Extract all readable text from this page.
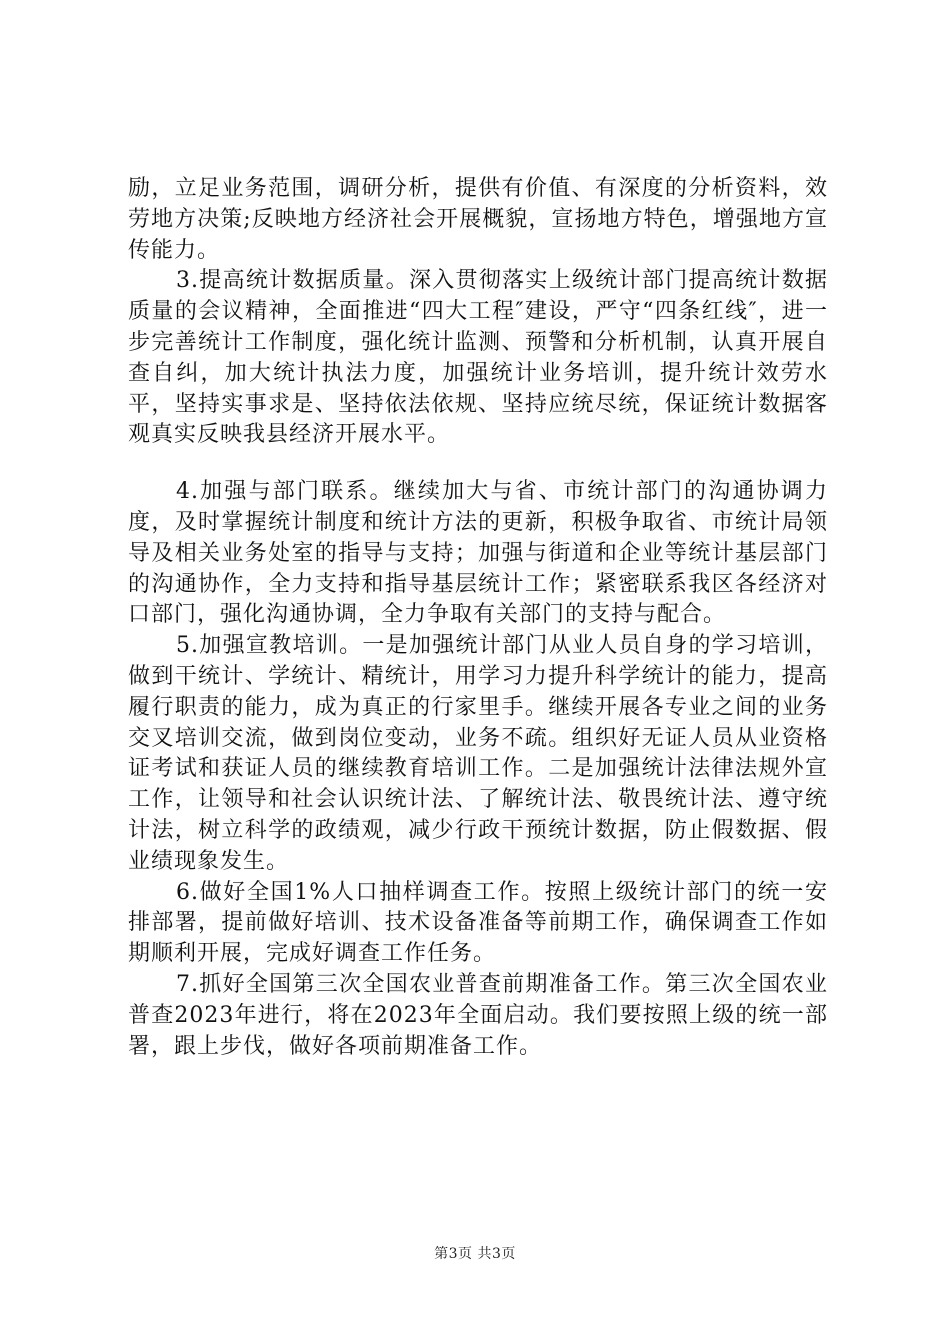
励，立足业务范围，调研分析，提供有价值、有深度的分析资料，效劳地方决策;反映地方经济社会开展概貌，宣扬地方特色，增强地方宣传能力。

3.提高统计数据质量。深入贯彻落实上级统计部门提高统计数据质量的会议精神，全面推进“四大工程″建设，严守“四条红线″，进一步完善统计工作制度，强化统计监测、预警和分析机制，认真开展自查自纠，加大统计执法力度，加强统计业务培训，提升统计效劳水平，坚持实事求是、坚持依法依规、坚持应统尽统，保证统计数据客观真实反映我县经济开展水平。

4.加强与部门联系。继续加大与省、市统计部门的沟通协调力度，及时掌握统计制度和统计方法的更新，积极争取省、市统计局领导及相关业务处室的指导与支持；加强与街道和企业等统计基层部门的沟通协作，全力支持和指导基层统计工作；紧密联系我区各经济对口部门，强化沟通协调，全力争取有关部门的支持与配合。

5.加强宣教培训。一是加强统计部门从业人员自身的学习培训，做到干统计、学统计、精统计，用学习力提升科学统计的能力，提高履行职责的能力，成为真正的行家里手。继续开展各专业之间的业务交叉培训交流，做到岗位变动，业务不疏。组织好无证人员从业资格证考试和获证人员的继续教育培训工作。二是加强统计法律法规外宣工作，让领导和社会认识统计法、了解统计法、敬畏统计法、遵守统计法，树立科学的政绩观，减少行政干预统计数据，防止假数据、假业绩现象发生。

6.做好全国1%人口抽样调查工作。按照上级统计部门的统一安排部署，提前做好培训、技术设备准备等前期工作，确保调查工作如期顺利开展，完成好调查工作任务。

7.抓好全国第三次全国农业普查前期准备工作。第三次全国农业普查2023年进行，将在2023年全面启动。我们要按照上级的统一部署，跟上步伐，做好各项前期准备工作。

第3页 共3页
